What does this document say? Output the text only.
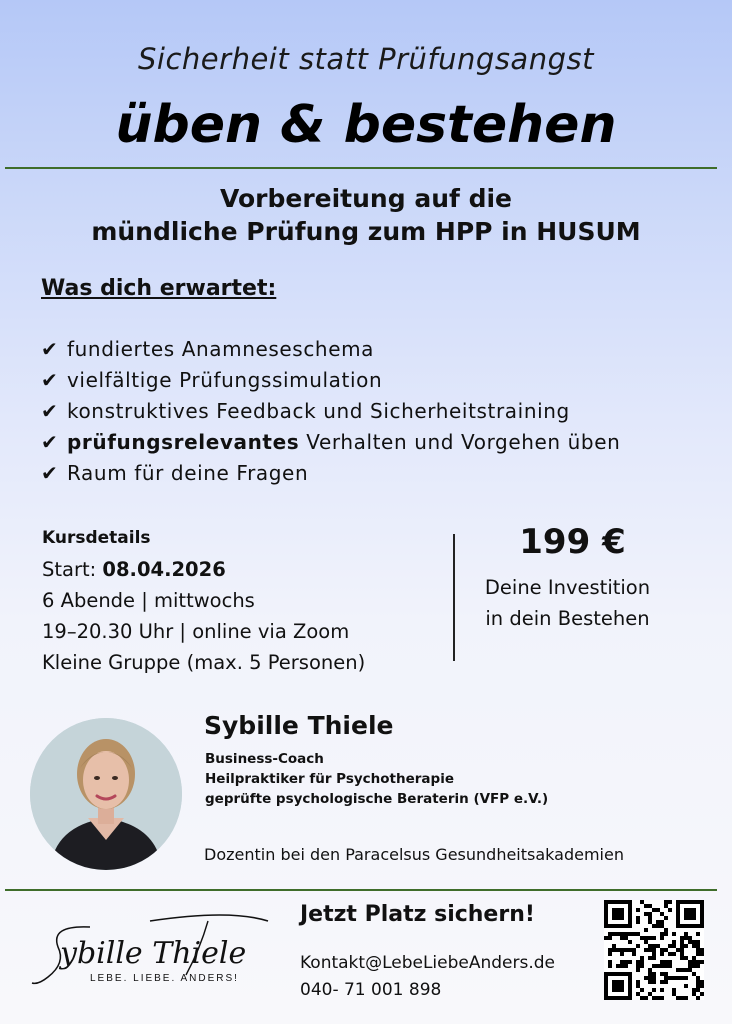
Sicherheit statt Prüfungsangst
üben & bestehen
Vorbereitung auf die
mündliche Prüfung zum HPP in HUSUM
Was dich erwartet:
✔ fundiertes Anamneseschema
✔ vielfältige Prüfungssimulation
✔ konstruktives Feedback und Sicherheitstraining
✔ prüfungsrelevantes Verhalten und Vorgehen üben
✔ Raum für deine Fragen
Kursdetails
Start: 08.04.2026
6 Abende | mittwochs
19–20.30 Uhr | online via Zoom
Kleine Gruppe (max. 5 Personen)
199 €
Deine Investition
in dein Bestehen
Sybille Thiele
Business-Coach
Heilpraktiker für Psychotherapie
geprüfte psychologische Beraterin (VFP e.V.)
Dozentin bei den Paracelsus Gesundheitsakademien
ybille Thiele
LEBE. LIEBE. ANDERS!
Jetzt Platz sichern!
Kontakt@LebeLiebeAnders.de
040- 71 001 898
